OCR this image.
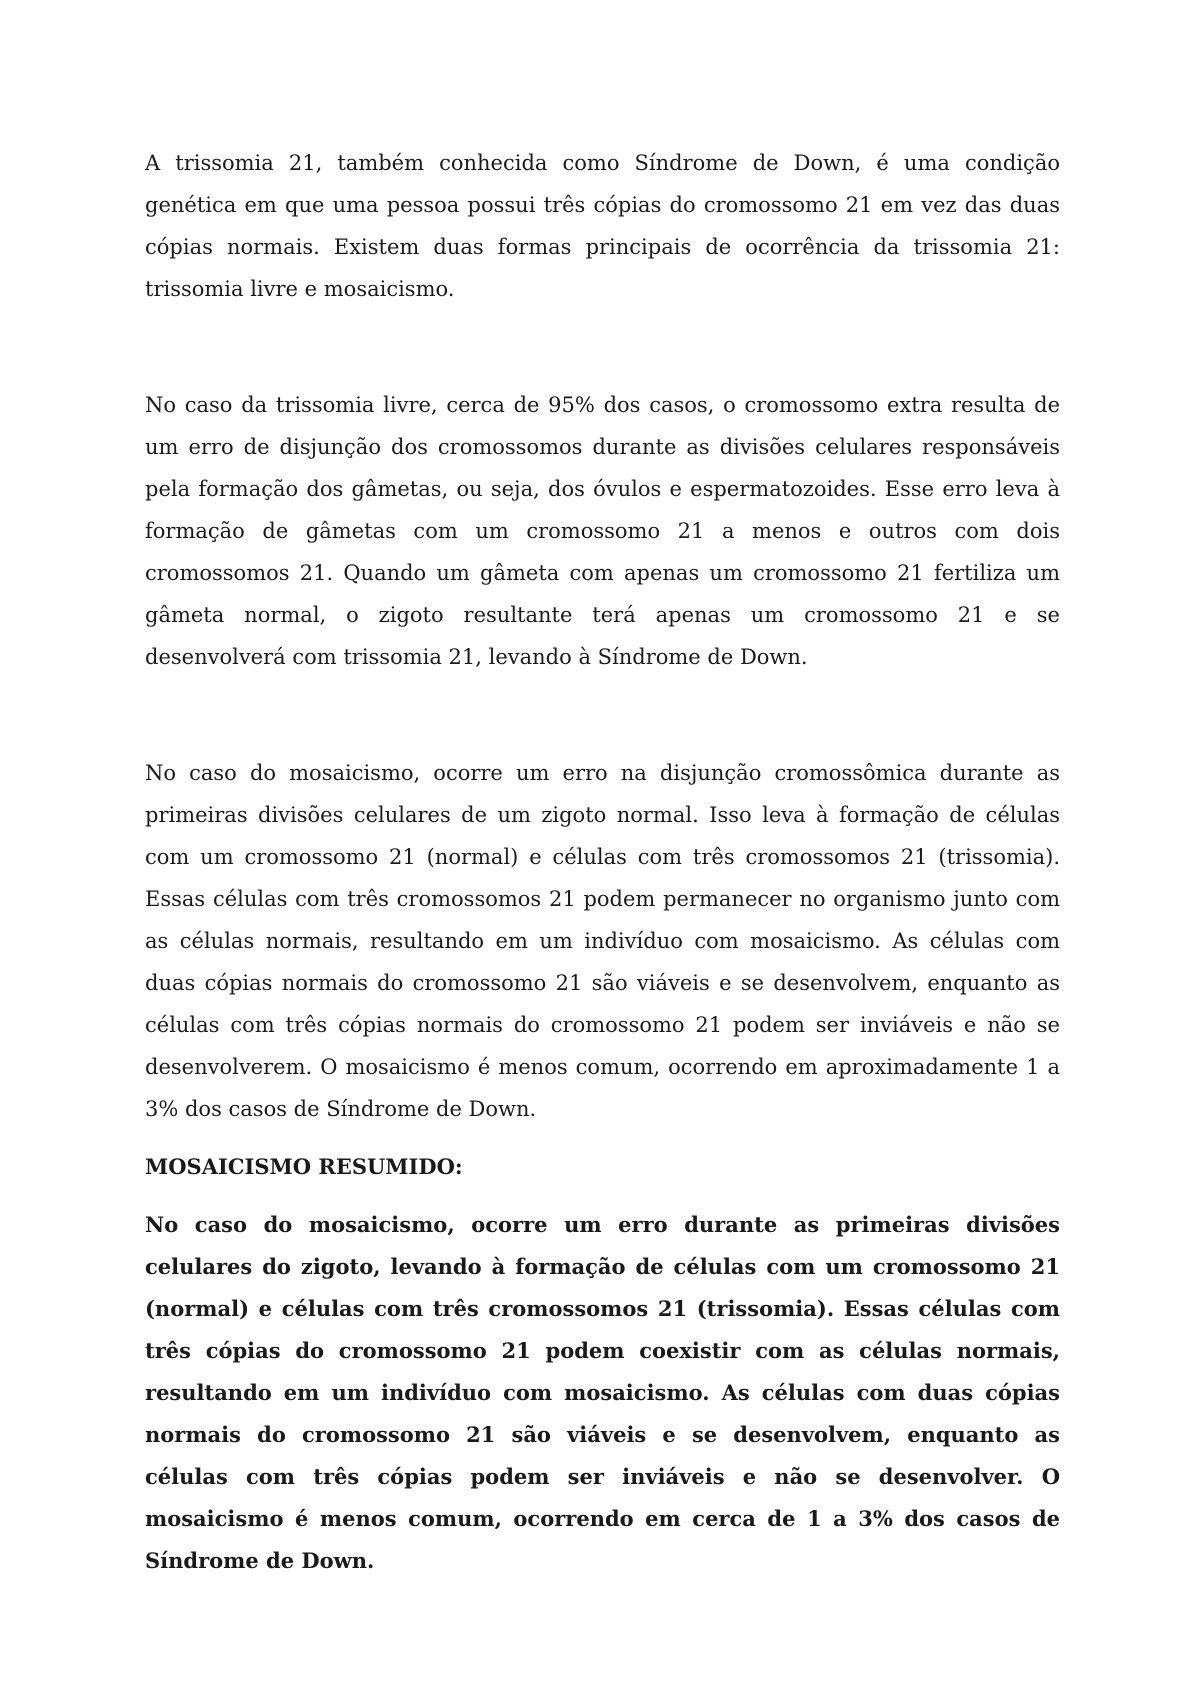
A trissomia 21, também conhecida como Síndrome de Down, é uma condição genética em que uma pessoa possui três cópias do cromossomo 21 em vez das duas cópias normais. Existem duas formas principais de ocorrência da trissomia 21: trissomia livre e mosaicismo.

No caso da trissomia livre, cerca de 95% dos casos, o cromossomo extra resulta de um erro de disjunção dos cromossomos durante as divisões celulares responsáveis pela formação dos gâmetas, ou seja, dos óvulos e espermatozoides. Esse erro leva à formação de gâmetas com um cromossomo 21 a menos e outros com dois cromossomos 21. Quando um gâmeta com apenas um cromossomo 21 fertiliza um gâmeta normal, o zigoto resultante terá apenas um cromossomo 21 e se desenvolverá com trissomia 21, levando à Síndrome de Down.

No caso do mosaicismo, ocorre um erro na disjunção cromossômica durante as primeiras divisões celulares de um zigoto normal. Isso leva à formação de células com um cromossomo 21 (normal) e células com três cromossomos 21 (trissomia). Essas células com três cromossomos 21 podem permanecer no organismo junto com as células normais, resultando em um indivíduo com mosaicismo. As células com duas cópias normais do cromossomo 21 são viáveis e se desenvolvem, enquanto as células com três cópias normais do cromossomo 21 podem ser inviáveis e não se desenvolverem. O mosaicismo é menos comum, ocorrendo em aproximadamente 1 a 3% dos casos de Síndrome de Down.

MOSAICISMO RESUMIDO:

No caso do mosaicismo, ocorre um erro durante as primeiras divisões celulares do zigoto, levando à formação de células com um cromossomo 21 (normal) e células com três cromossomos 21 (trissomia). Essas células com três cópias do cromossomo 21 podem coexistir com as células normais, resultando em um indivíduo com mosaicismo. As células com duas cópias normais do cromossomo 21 são viáveis e se desenvolvem, enquanto as células com três cópias podem ser inviáveis e não se desenvolver. O mosaicismo é menos comum, ocorrendo em cerca de 1 a 3% dos casos de Síndrome de Down.
